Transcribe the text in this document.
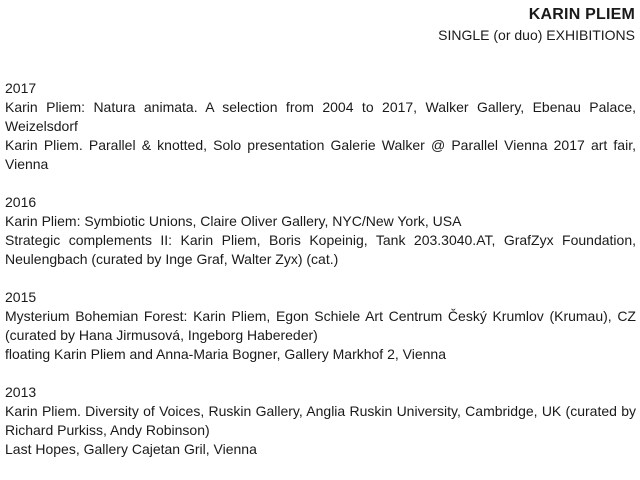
KARIN PLIEM
SINGLE (or duo) EXHIBITIONS
2017
Karin Pliem: Natura animata. A selection from 2004 to 2017, Walker Gallery, Ebenau Palace, Weizelsdorf
Karin Pliem. Parallel & knotted, Solo presentation Galerie Walker @ Parallel Vienna 2017 art fair, Vienna
2016
Karin Pliem: Symbiotic Unions, Claire Oliver Gallery, NYC/New York, USA
Strategic complements II: Karin Pliem, Boris Kopeinig, Tank 203.3040.AT, GrafZyx Foundation, Neulengbach (curated by Inge Graf, Walter Zyx) (cat.)
2015
Mysterium Bohemian Forest: Karin Pliem, Egon Schiele Art Centrum Český Krumlov (Krumau), CZ (curated by Hana Jirmusová, Ingeborg Habereder)
floating Karin Pliem and Anna-Maria Bogner, Gallery Markhof 2, Vienna
2013
Karin Pliem. Diversity of Voices, Ruskin Gallery, Anglia Ruskin University, Cambridge, UK (curated by Richard Purkiss, Andy Robinson)
Last Hopes, Gallery Cajetan Gril, Vienna
